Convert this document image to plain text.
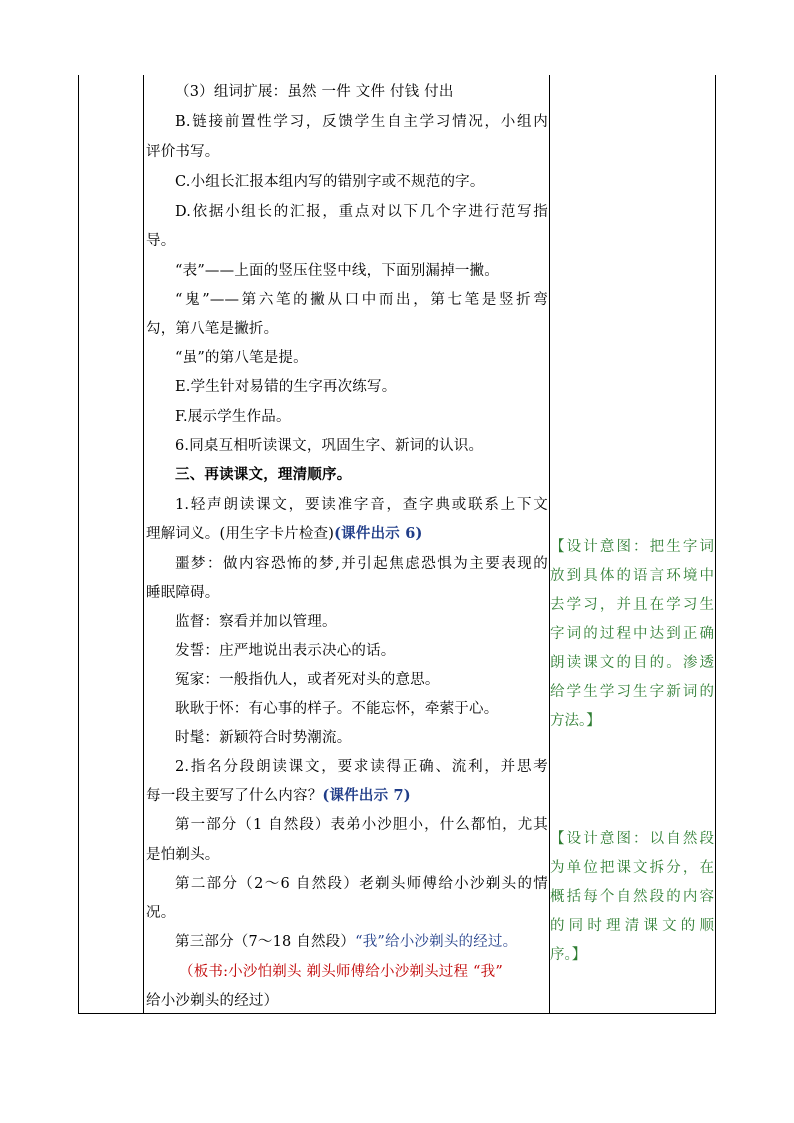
（3）组词扩展：虽然 一件 文件 付钱 付出
B.链接前置性学习，反馈学生自主学习情况，小组内
评价书写。
C.小组长汇报本组内写的错别字或不规范的字。
D.依据小组长的汇报，重点对以下几个字进行范写指
导。
“表”——上面的竖压住竖中线，下面别漏掉一撇。
“鬼”——第六笔的撇从口中而出，第七笔是竖折弯
勾，第八笔是撇折。
“虽”的第八笔是提。
E.学生针对易错的生字再次练写。
F.展示学生作品。
6.同桌互相听读课文，巩固生字、新词的认识。
三、再读课文，理清顺序。
1.轻声朗读课文，要读准字音，查字典或联系上下文
理解词义。(用生字卡片检查)(课件出示 6)
噩梦：做内容恐怖的梦,并引起焦虑恐惧为主要表现的
睡眠障碍。
监督：察看并加以管理。
发誓：庄严地说出表示决心的话。
冤家：一般指仇人，或者死对头的意思。
耿耿于怀：有心事的样子。不能忘怀，牵萦于心。
时髦：新颖符合时势潮流。
2.指名分段朗读课文，要求读得正确、流利，并思考
每一段主要写了什么内容？(课件出示 7)
第一部分（1 自然段）表弟小沙胆小，什么都怕，尤其
是怕剃头。
第二部分（2～6 自然段）老剃头师傅给小沙剃头的情
况。
第三部分（7～18 自然段）“我”给小沙剃头的经过。
（板书:小沙怕剃头 剃头师傅给小沙剃头过程 “我”
给小沙剃头的经过）
【设计意图：把生字词
放到具体的语言环境中
去学习，并且在学习生
字词的过程中达到正确
朗读课文的目的。渗透
给学生学习生字新词的
方法。】
【设计意图：以自然段
为单位把课文拆分，在
概括每个自然段的内容
的同时理清课文的顺
序。】
